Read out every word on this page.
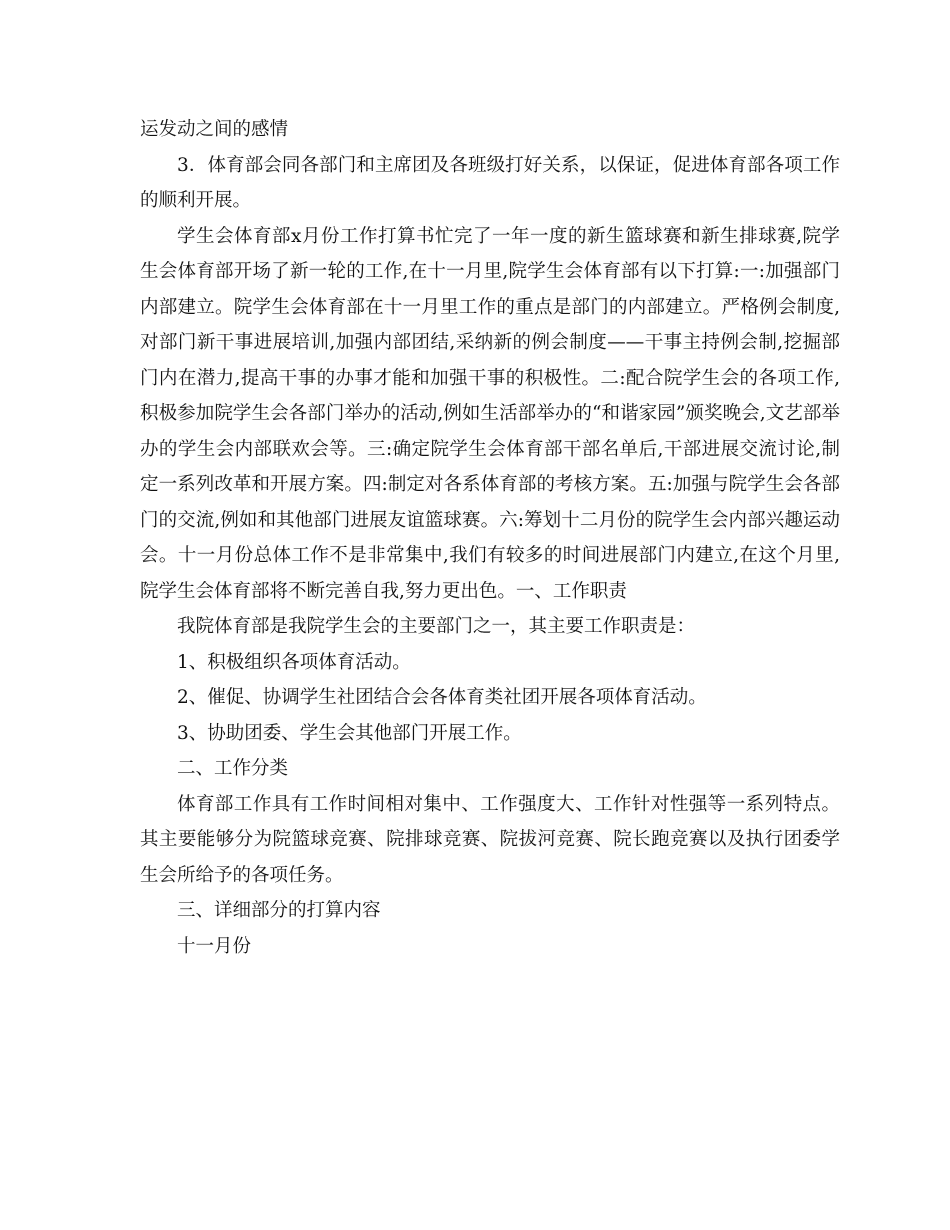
运发动之间的感情

3．体育部会同各部门和主席团及各班级打好关系，以保证，促进体育部各项工作的顺利开展。

学生会体育部x月份工作打算书忙完了一年一度的新生篮球赛和新生排球赛,院学生会体育部开场了新一轮的工作,在十一月里,院学生会体育部有以下打算:一:加强部门内部建立。院学生会体育部在十一月里工作的重点是部门的内部建立。严格例会制度,对部门新干事进展培训,加强内部团结,采纳新的例会制度——干事主持例会制,挖掘部门内在潜力,提高干事的办事才能和加强干事的积极性。二:配合院学生会的各项工作,积极参加院学生会各部门举办的活动,例如生活部举办的“和谐家园”颁奖晚会,文艺部举办的学生会内部联欢会等。三:确定院学生会体育部干部名单后,干部进展交流讨论,制定一系列改革和开展方案。四:制定对各系体育部的考核方案。五:加强与院学生会各部门的交流,例如和其他部门进展友谊篮球赛。六:筹划十二月份的院学生会内部兴趣运动会。十一月份总体工作不是非常集中,我们有较多的时间进展部门内建立,在这个月里,院学生会体育部将不断完善自我,努力更出色。一、工作职责

我院体育部是我院学生会的主要部门之一，其主要工作职责是：

1、积极组织各项体育活动。

2、催促、协调学生社团结合会各体育类社团开展各项体育活动。

3、协助团委、学生会其他部门开展工作。

二、工作分类

体育部工作具有工作时间相对集中、工作强度大、工作针对性强等一系列特点。其主要能够分为院篮球竞赛、院排球竞赛、院拔河竞赛、院长跑竞赛以及执行团委学生会所给予的各项任务。

三、详细部分的打算内容

十一月份
